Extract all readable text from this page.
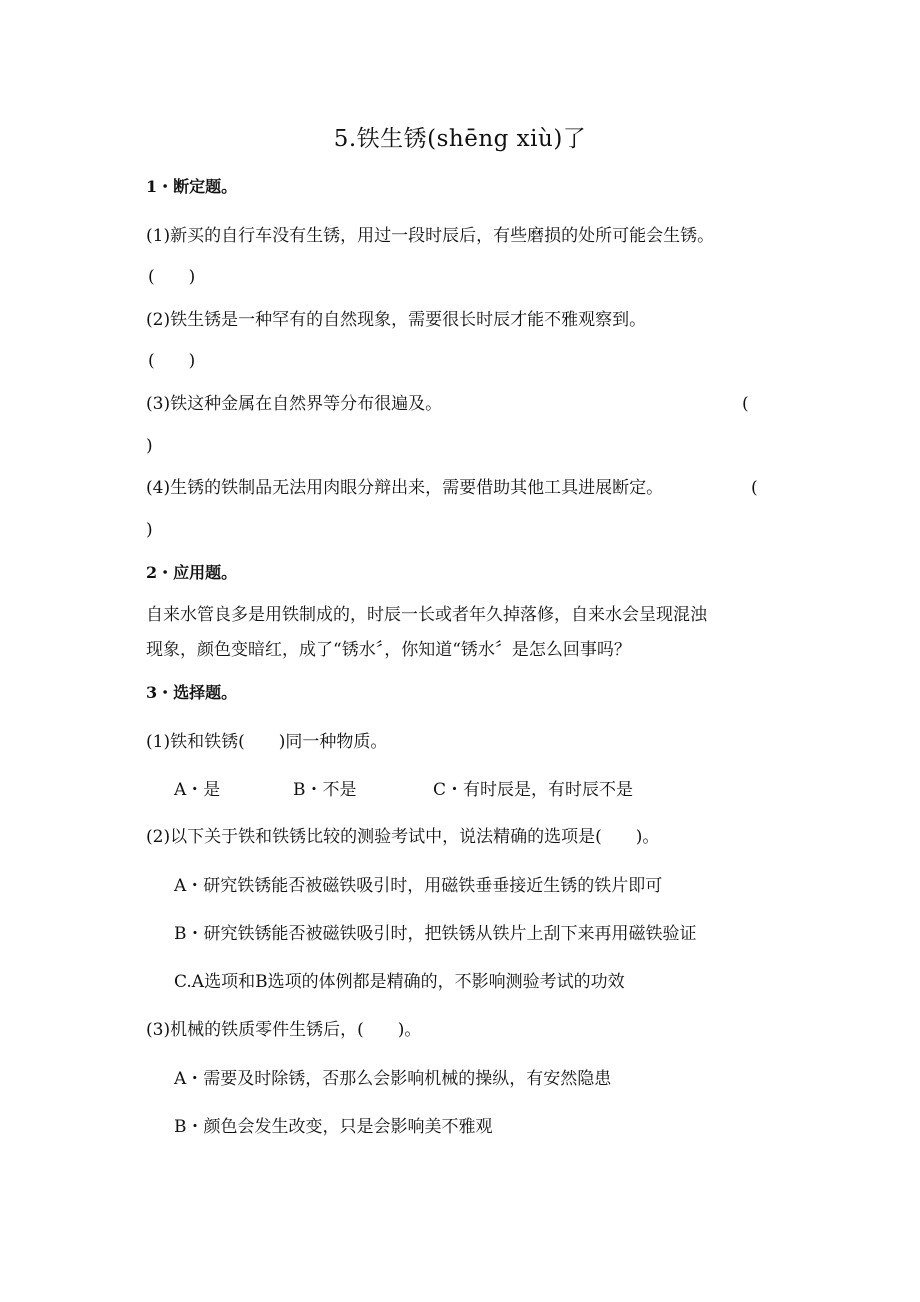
5.铁生锈(shēng xiù)了
1・断定题。
(1)新买的自行车没有生锈，用过一段时辰后，有些磨损的处所可能会生锈。
(　　)
(2)铁生锈是一种罕有的自然现象，需要很长时辰才能不雅观察到。
(　　)
(3)铁这种金属在自然界等分布很遍及。	(
)
(4)生锈的铁制品无法用肉眼分辩出来，需要借助其他工具进展断定。	(
)
2・应用题。
自来水管良多是用铁制成的，时辰一长或者年久掉落修，自来水会呈现混浊
现象，颜色变暗红，成了“锈水〞，你知道“锈水〞是怎么回事吗？
3・选择题。
(1)铁和铁锈(　　)同一种物质。
A・是	B・不是	C・有时辰是，有时辰不是
(2)以下关于铁和铁锈比较的测验考试中，说法精确的选项是(　　)。
A・研究铁锈能否被磁铁吸引时，用磁铁垂垂接近生锈的铁片即可
B・研究铁锈能否被磁铁吸引时，把铁锈从铁片上刮下来再用磁铁验证
C.A选项和B选项的体例都是精确的，不影响测验考试的功效
(3)机械的铁质零件生锈后，(　　)。
A・需要及时除锈，否那么会影响机械的操纵，有安然隐患
B・颜色会发生改变，只是会影响美不雅观
